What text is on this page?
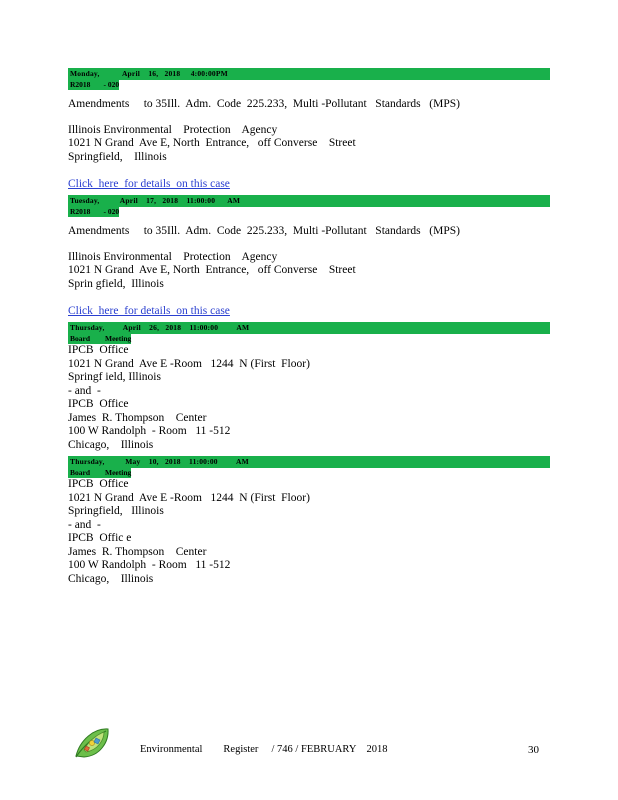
Monday,           April    16,   2018     4:00:00PM
R2018       - 020
Amendments     to 35Ill.  Adm.  Code  225.233,  Multi -Pollutant   Standards   (MPS)
Illinois Environmental    Protection    Agency
1021 N Grand  Ave E, North  Entrance,   off Converse    Street
Springfield,    Illinois
Click  here  for details  on this case
Tuesday,          April    17,   2018    11:00:00      AM
R2018       - 020
Amendments     to 35Ill.  Adm.  Code  225.233,  Multi -Pollutant   Standards   (MPS)
Illinois Environmental    Protection    Agency
1021 N Grand  Ave E, North  Entrance,   off Converse    Street
Sprin gfield,  Illinois
Click  here  for details  on this case
Thursday,         April    26,   2018    11:00:00         AM
Board        Meeting
IPCB  Office
1021 N Grand  Ave E -Room   1244  N (First  Floor)
Springf ield, Illinois
- and  -
IPCB  Office
James  R. Thompson    Center
100 W Randolph  - Room   11 -512
Chicago,    Illinois
Thursday,          May    10,   2018    11:00:00         AM
Board        Meeting
IPCB  Office
1021 N Grand  Ave E -Room   1244  N (First  Floor)
Springfield,   Illinois
- and  -
IPCB  Offic e
James  R. Thompson    Center
100 W Randolph  - Room   11 -512
Chicago,    Illinois
Environmental        Register     / 746 / FEBRUARY    2018	30
